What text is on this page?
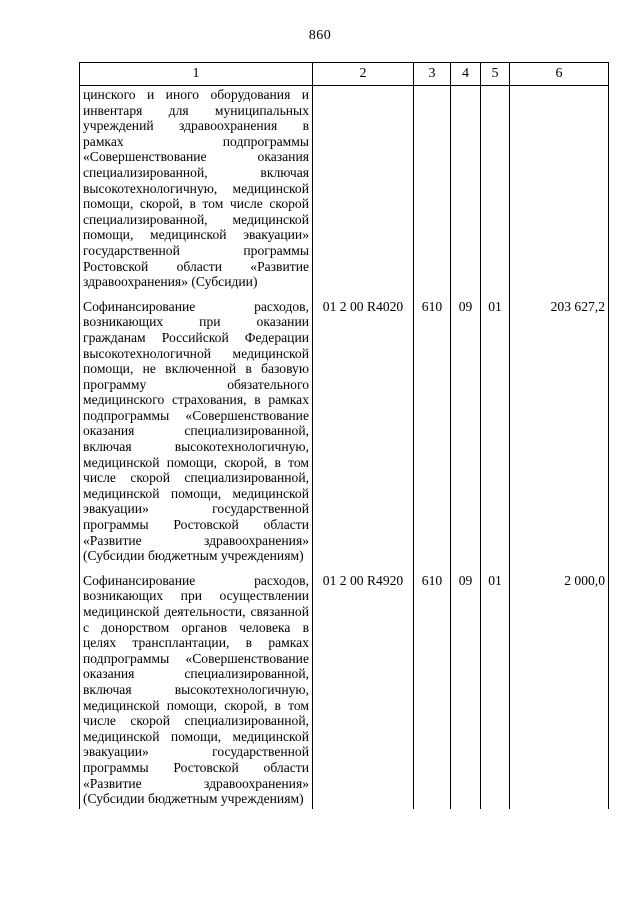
860
1	2	3	4	5	6
цинского и иного оборудования и инвентаря для муниципальных учреждений здравоохранения в рамках подпрограммы «Совершенствование оказания специализированной, включая высокотехнологичную, медицинской помощи, скорой, в том числе скорой специализированной, медицинской помощи, медицинской эвакуации» государственной программы Ростовской области «Развитие здравоохранения» (Субсидии)					
Софинансирование расходов, возникающих при оказании гражданам Российской Федерации высокотехнологичной медицинской помощи, не включенной в базовую программу обязательного медицинского страхования, в рамках подпрограммы «Совершенствование оказания специализированной, включая высокотехнологичную, медицинской помощи, скорой, в том числе скорой специализированной, медицинской помощи, медицинской эвакуации» государственной программы Ростовской области «Развитие здравоохранения» (Субсидии бюджетным учреждениям)	01 2 00 R4020	610	09	01	203 627,2
Софинансирование расходов, возникающих при осуществлении медицинской деятельности, связанной с донорством органов человека в целях трансплантации, в рамках подпрограммы «Совершенствование оказания специализированной, включая высокотехнологичную, медицинской помощи, скорой, в том числе скорой специализированной, медицинской помощи, медицинской эвакуации» государственной программы Ростовской области «Развитие здравоохранения» (Субсидии бюджетным учреждениям)	01 2 00 R4920	610	09	01	2 000,0
